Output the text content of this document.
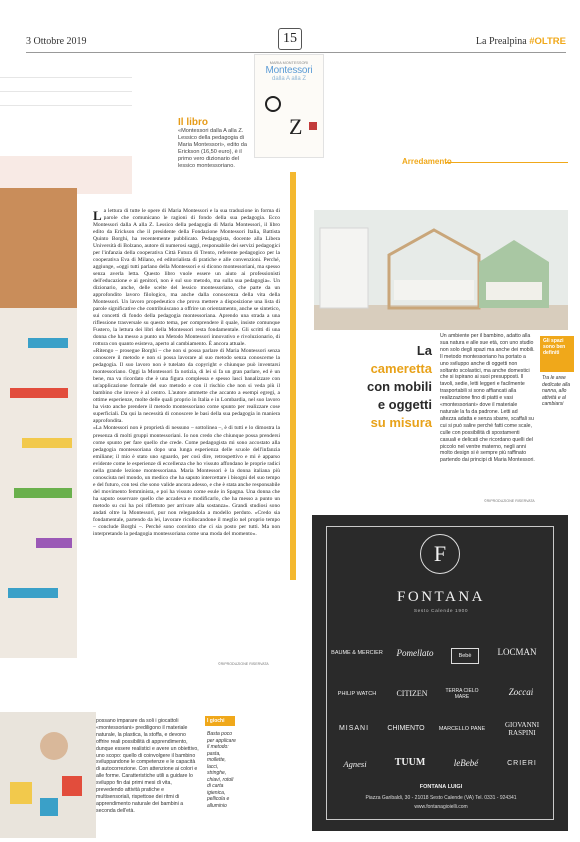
3 Ottobre 2019	15	La Prealpina #OLTRE
MARIA MONTESSORI
Montessori
dalla A alla Z
Z
Il libro
«Montessori dalla A alla Z. Lessico della pedagogia di Maria Montessori», edito da Erickson (16,50 euro), è il primo vero dizionario del lessico montessoriano.	Arredamento
L a lettura di tutte le opere di Maria Montessori e la sua traduzione in forma di parole che comunicano le ragioni di fondo della sua pedagogia. Ecco Montessori dalla A alla Z. Lessico della pedagogia di Maria Montessori, il libro edito da Erickson che il presidente della Fondazione Montessori Italia, Battista Quinto Borghi, ha recentemente pubblicato. Pedagogista, docente alla Libera Università di Bolzano, autore di numerosi saggi, responsabile dei servizi pedagogici per l'infanzia della cooperativa Città Futura di Trento, referente pedagogico per la cooperativa Eva di Milano, ed editorialista di pratiche e alle convenzioni. Perché, aggiunge, «oggi tutti parlano della Montessori e si dicono montessoriani, ma spesso senza averla letta. Questo libro vuole essere un aiuto ai professionisti dell'educazione e ai genitori, non è sul suo metodo, ma sulla sua pedagogia». Un dizionario, anche, delle scelte del lessico montessoriano, che parte da un approfondito lavoro filologico, ma anche dalla conoscenza della vita della Montessori. Un lavoro propedeutico che prova mettere a disposizione una lista di parole significative che contribuiscano a offrire un orientamento, anche se sintetico, sui concetti di fondo della pedagogia montessoriana. Aprendo una strada a una riflessione trasversale su questo tema, per comprendere il quale, insiste comunque Fustero, la lettura dei libri della Montessori resta fondamentale. Gli scritti di una donna che ha messo a punto un Metodo Montessori innovativo e rivoluzionario, di rottura con quanto esisteva, aperto al cambiamento. È ancora attuale.

«Ritengo – prosegue Borghi – che non si possa parlare di Maria Montessori senza conoscere il metodo e non si possa lavorare al suo metodo senza conoscerne la pedagogia. Il suo lavoro non è tutelato da copyright e chiunque può inventarsi montessoriano. Oggi la Montessori fa notizia, di lei si fa un gran parlare, ed è un bene, ma va ricordato che è una figura complessa e spesso lasci banalizzare con un'applicazione formale del suo metodo e con il rischio che non si veda più il bambino che invece è al centro. L'autore ammette che accanto a esempi egregi, a ottime esperienze, molte delle quali proprio in Italia e in Lombardia, nel suo lavoro ha visto anche prendere il metodo montessoriano come spunto per realizzare cose superficiali. Da qui la necessità di conoscere le basi della sua pedagogia in maniera approfondita.

«La Montessori non è proprietà di nessuno – sottolinea –, è di tutti e lo dimostra la presenza di molti gruppi montessoriani. Io non credo che chiunque possa prendersi come spunto per fare quello che crede. Come pedagogista mi sono accostato alla pedagogia montessoriana dopo una lunga esperienza delle scuole dell'infanzia emiliane; il mio è stato uno sguardo, per così dire, retrospettivo e mi è apparso evidente come le esperienze di eccellenza che ho vissuto affondano le proprie radici nella grande lezione montessoriana. Maria Montessori è la donna italiana più conosciuta nel mondo, un medico che ha saputo intercettare i bisogni del suo tempo e del futuro, con tesi che sono valide ancora adesso, e che è stata anche responsabile del movimento femminista, e poi ha vissuto come esule in Spagna. Una donna che ha saputo osservare quello che accadeva e modificarlo, che ha messo a punto un metodo su cui ha poi riflettuto per arrivare alla sostanza». Grandi studiosi sono andati oltre la Montessori, pur non relegandola a modello perduto. «Credo sia fondamentale, partendo da lei, lavorare ricollocandone il meglio nel proprio tempo – conclude Borghi –. Perché sono convinto che ci sia posto per tutti. Ma non interpretando la pedagogia montessoriana come una moda del momento».

©RIPRODUZIONE RISERVATA
La
cameretta
con mobili
e oggetti
su misura
Un ambiente per il bambino, adatto alla sua natura e alle sue età, con uno studio non solo degli spazi ma anche dei mobili. Il metodo montessoriano ha portato a uno sviluppo anche di oggetti non soltanto scolastici, ma anche domestici che si ispirano ai suoi presupposti. Il tavoli, sedie, letti leggeri e facilmente trasportabili si sono affiancati alla realizzazione fino di piatti e vasi «montessoriani» dove il materiale naturale la fa da padrone. Letti ad altezza adatta e senza sbarre, scaffali su cui si può salire perché fatti come scale, culle con possibilità di spostamenti casuali e delicati che ricordano quelli del piccolo nel ventre materno, negli anni molto design si è sempre più raffinato partendo dai principi di Maria Montessori.
©RIPRODUZIONE RISERVATA
Gli spazi sono ben definiti
Tra le aree dedicate alla nanna, allo attività e al cambiarsi
F
FONTANA
Sesto Calende 1900
BAUME & MERCIER	Pomellato	Bebè	LOCMAN
PHILIP WATCH	CITIZEN	TERRA CIELO MARE	Zoccai
MISANI	CHIMENTO	MARCELLO PANE	GIOVANNI RASPINI
Agnesi	TUUM	leBebé	CRIERI
FONTANA LUIGI
Piazza Garibaldi, 30 - 21018 Sesto Calende (VA) Tel. 0331 - 924341
www.fontanagioielli.com
possano imparare da soli i giocattoli «montessoriani» prediligono il materiale naturale, la plastica, la stoffa, e devono offrire reali possibilità di apprendimento, dunque essere realistici e avere un obiettivo, uno scopo: quello di coinvolgere il bambino sviluppandone le competenze e le capacità di autocorrezione. Con attenzione ai colori e alle forme. Caratteristiche utili a guidare lo sviluppo fin dai primi mesi di vita, prevedendo attività pratiche e multisensoriali, rispettose dei ritmi di apprendimento naturale dei bambini a seconda dell'età.
I giochi
Basta poco per applicare il metodo: pasta, mollette, lacci, stringhe, chiavi, rotoli di carta igienica, pellicola e alluminio
